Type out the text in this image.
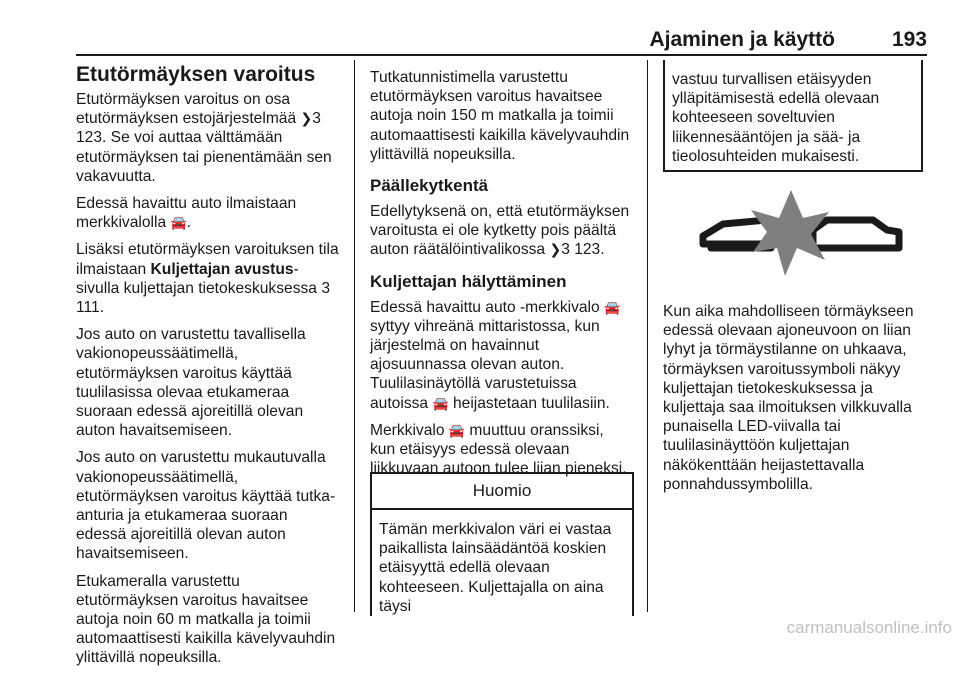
Ajaminen ja käyttö	193
Etutörmäyksen varoitus

Etutörmäyksen varoitus on osa etutörmäyksen estojärjestelmää ❯3 123. Se voi auttaa välttämään etutörmäyksen tai pienentämään sen vakavuutta.

Edessä havaittu auto ilmaistaan merkkivalolla 🚘.

Lisäksi etutörmäyksen varoituksen tila ilmaistaan Kuljettajan avustus-sivulla kuljettajan tietokeskuksessa 3 111.

Jos auto on varustettu tavallisella vakionopeussäätimellä, etutörmäyksen varoitus käyttää tuulilasissa olevaa etukameraa suoraan edessä ajoreitillä olevan auton havaitsemiseen.

Jos auto on varustettu mukautuvalla vakionopeussäätimellä, etutörmäyksen varoitus käyttää tutka-anturia ja etukameraa suoraan edessä ajoreitillä olevan auton havaitsemiseen.

Etukameralla varustettu etutörmäyksen varoitus havaitsee autoja noin 60 m matkalla ja toimii automaattisesti kaikilla kävelyvauhdin ylittävillä nopeuksilla.

Tutkatunnistimella varustettu etutörmäyksen varoitus havaitsee autoja noin 150 m matkalla ja toimii automaattisesti kaikilla kävelyvauhdin ylittävillä nopeuksilla.

Päällekytkentä

Edellytyksenä on, että etutörmäyksen varoitusta ei ole kytketty pois päältä auton räätälöintivalikossa ❯3 123.

Kuljettajan hälyttäminen

Edessä havaittu auto -merkkivalo 🚘 syttyy vihreänä mittaristossa, kun järjestelmä on havainnut ajosuunnassa olevan auton. Tuulilasinäytöllä varustetuissa autoissa 🚘 heijastetaan tuulilasiin.

Merkkivalo 🚘 muuttuu oranssiksi, kun etäisyys edessä olevaan liikkuvaan autoon tulee liian pieneksi.

Huomio
Tämän merkkivalon väri ei vastaa paikallista lainsäädäntöä koskien etäisyyttä edellä olevaan kohteeseen. Kuljettajalla on aina täysi
vastuu turvallisen etäisyyden ylläpitämisestä edellä olevaan kohteeseen soveltuvien liikennesääntöjen ja sää- ja tieolosuhteiden mukaisesti.
Kun aika mahdolliseen törmäykseen edessä olevaan ajoneuvoon on liian lyhyt ja törmäystilanne on uhkaava, törmäyksen varoitussymboli näkyy kuljettajan tietokeskuksessa ja kuljettaja saa ilmoituksen vilkkuvalla punaisella LED-viivalla tai tuulilasinäyttöön kuljettajan näkökenttään heijastettavalla ponnahdussymbolilla.
carmanualsonline.info
